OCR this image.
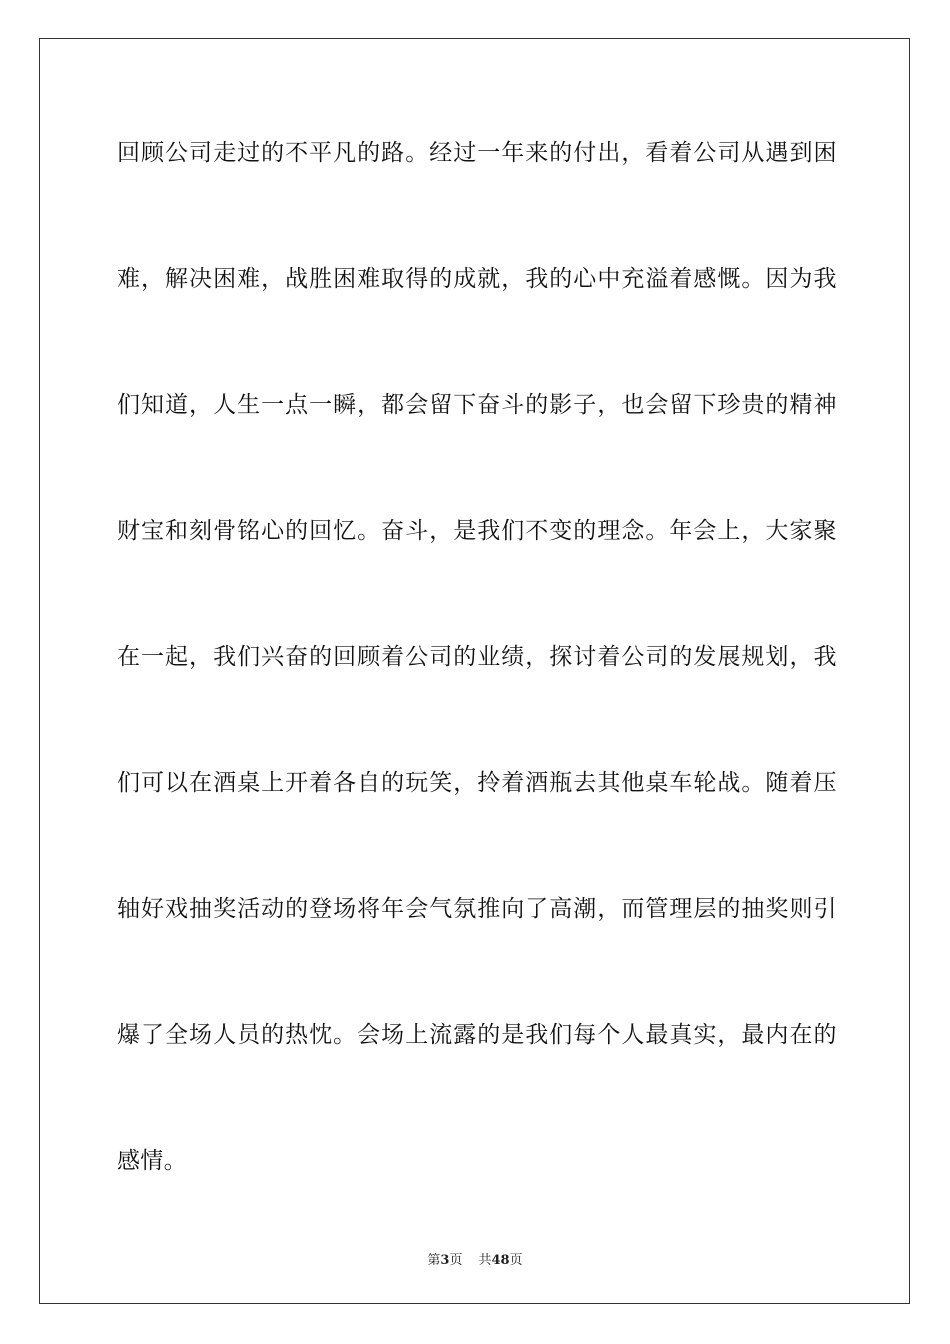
回 顾 公 司 走 过 的 不 平 凡 的 路 。 经 过 一 年 来 的 付 出 ， 看 着 公 司 从 遇 到 困
难 ， 解 决 困 难 ， 战 胜 困 难 取 得 的 成 就 ， 我 的 心 中 充 溢 着 感 慨 。 因 为 我
们 知 道 ， 人 生 一 点 一 瞬 ， 都 会 留 下 奋 斗 的 影 子 ， 也 会 留 下 珍 贵 的 精 神
财 宝 和 刻 骨 铭 心 的 回 忆 。 奋 斗 ， 是 我 们 不 变 的 理 念 。 年 会 上 ， 大 家 聚
在 一 起 ， 我 们 兴 奋 的 回 顾 着 公 司 的 业 绩 ， 探 讨 着 公 司 的 发 展 规 划 ， 我
们 可 以 在 酒 桌 上 开 着 各 自 的 玩 笑 ， 拎 着 酒 瓶 去 其 他 桌 车 轮 战 。 随 着 压
轴 好 戏 抽 奖 活 动 的 登 场 将 年 会 气 氛 推 向 了 高 潮 ， 而 管 理 层 的 抽 奖 则 引
爆 了 全 场 人 员 的 热 忱 。 会 场 上 流 露 的 是 我 们 每 个 人 最 真 实 ， 最 内 在 的
感情。
第3页 共48页
